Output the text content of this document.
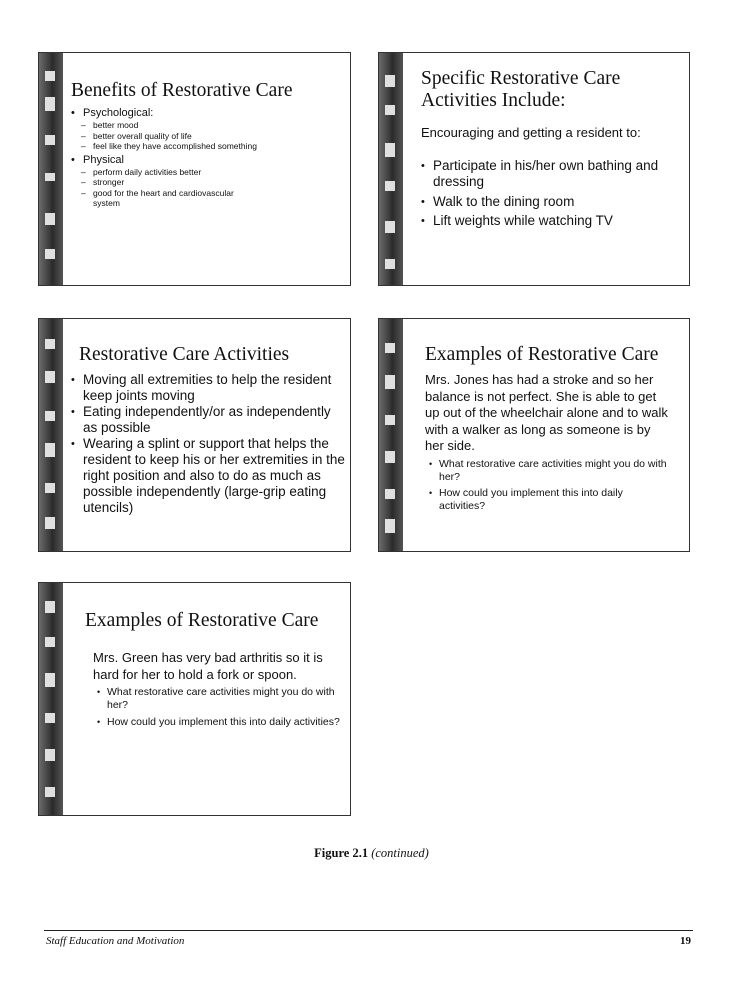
Benefits of Restorative Care

• Psychological:

– better mood

– better overall quality of life

– feel like they have accomplished something

• Physical

– perform daily activities better

– stronger

– good for the heart and cardiovascular system

Specific Restorative Care Activities Include:

Encouraging and getting a resident to:

• Participate in his/her own bathing and dressing

• Walk to the dining room

• Lift weights while watching TV

Restorative Care Activities

• Moving all extremities to help the resident keep joints moving

• Eating independently/or as independently as possible

• Wearing a splint or support that helps the resident to keep his or her extremities in the right position and also to do as much as possible independently (large-grip eating utencils)

Examples of Restorative Care

Mrs. Jones has had a stroke and so her balance is not perfect. She is able to get up out of the wheelchair alone and to walk with a walker as long as someone is by her side.

• What restorative care activities might you do with her?

• How could you implement this into daily activities?

Examples of Restorative Care

Mrs. Green has very bad arthritis so it is hard for her to hold a fork or spoon.

• What restorative care activities might you do with her?

• How could you implement this into daily activities?

Figure 2.1 (continued)
Staff Education and Motivation	19
